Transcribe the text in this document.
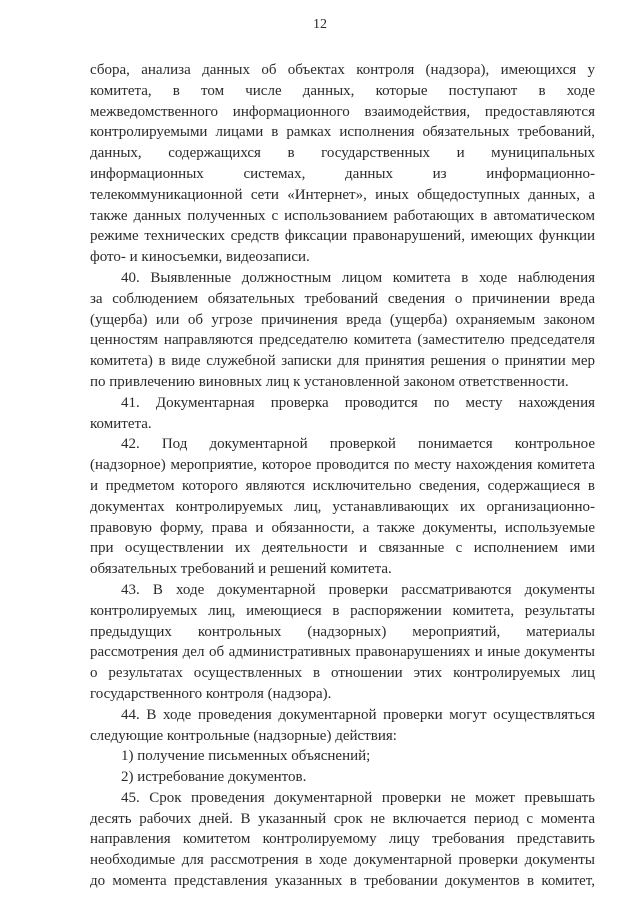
12
сбора, анализа данных об объектах контроля (надзора), имеющихся у
комитета, в том числе данных, которые поступают в ходе
межведомственного информационного взаимодействия, предоставляются
контролируемыми лицами в рамках исполнения обязательных требований,
данных, содержащихся в государственных и муниципальных
информационных системах, данных из информационно-
телекоммуникационной сети «Интернет», иных общедоступных данных, а
также данных полученных с использованием работающих в автоматическом
режиме технических средств фиксации правонарушений, имеющих функции
фото- и киносъемки, видеозаписи.
40. Выявленные должностным лицом комитета в ходе наблюдения
за соблюдением обязательных требований сведения о причинении вреда
(ущерба) или об угрозе причинения вреда (ущерба) охраняемым законом
ценностям направляются председателю комитета (заместителю председателя
комитета) в виде служебной записки для принятия решения о принятии мер
по привлечению виновных лиц к установленной законом ответственности.
41. Документарная проверка проводится по месту нахождения
комитета.
42. Под документарной проверкой понимается контрольное
(надзорное) мероприятие, которое проводится по месту нахождения комитета
и предметом которого являются исключительно сведения, содержащиеся в
документах контролируемых лиц, устанавливающих их организационно-
правовую форму, права и обязанности, а также документы, используемые
при осуществлении их деятельности и связанные с исполнением ими
обязательных требований и решений комитета.
43. В ходе документарной проверки рассматриваются документы
контролируемых лиц, имеющиеся в распоряжении комитета, результаты
предыдущих контрольных (надзорных) мероприятий, материалы
рассмотрения дел об административных правонарушениях и иные документы
о результатах осуществленных в отношении этих контролируемых лиц
государственного контроля (надзора).
44. В ходе проведения документарной проверки могут осуществляться
следующие контрольные (надзорные) действия:
1) получение письменных объяснений;
2) истребование документов.
45. Срок проведения документарной проверки не может превышать
десять рабочих дней. В указанный срок не включается период с момента
направления комитетом контролируемому лицу требования представить
необходимые для рассмотрения в ходе документарной проверки документы
до момента представления указанных в требовании документов в комитет,
